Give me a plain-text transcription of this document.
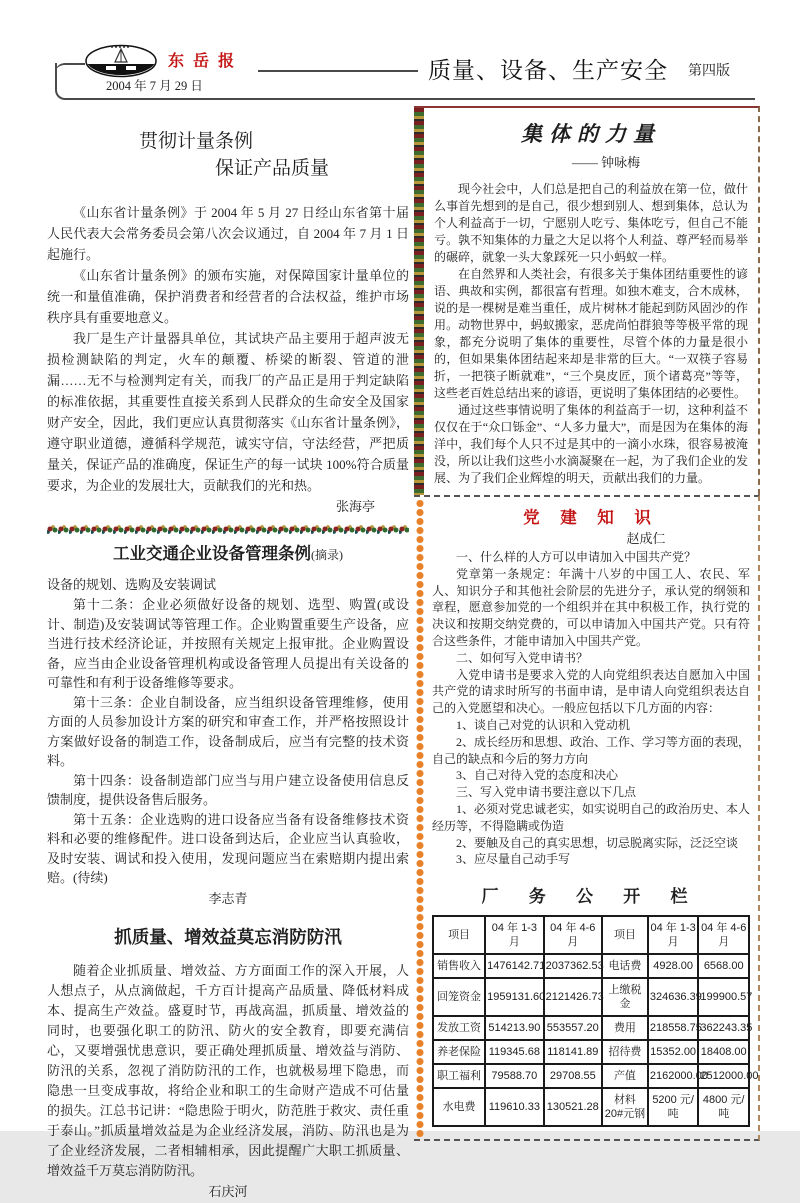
东岳报
2004 年 7 月 29 日
质量、设备、生产安全 第四版
贯彻计量条例
保证产品质量

《山东省计量条例》于 2004 年 5 月 27 日经山东省第十届人民代表大会常务委员会第八次会议通过，自 2004 年 7 月 1 日起施行。

《山东省计量条例》的颁布实施，对保障国家计量单位的统一和量值准确，保护消费者和经营者的合法权益，维护市场秩序具有重要地意义。

我厂是生产计量器具单位，其试块产品主要用于超声波无损检测缺陷的判定，火车的颠覆、桥梁的断裂、管道的泄漏……无不与检测判定有关，而我厂的产品正是用于判定缺陷的标准依据，其重要性直接关系到人民群众的生命安全及国家财产安全，因此，我们更应认真贯彻落实《山东省计量条例》，遵守职业道德，遵循科学规范，诚实守信，守法经营，严把质量关，保证产品的准确度，保证生产的每一试块 100%符合质量要求，为企业的发展壮大，贡献我们的光和热。

张海亭
工业交通企业设备管理条例(摘录)
设备的规划、选购及安装调试

第十二条：企业必须做好设备的规划、选型、购置(或设计、制造)及安装调试等管理工作。企业购置重要生产设备，应当进行技术经济论证，并按照有关规定上报审批。企业购置设备，应当由企业设备管理机构或设备管理人员提出有关设备的可靠性和有利于设备维修等要求。

第十三条：企业自制设备，应当组织设备管理维修，使用方面的人员参加设计方案的研究和审查工作，并严格按照设计方案做好设备的制造工作，设备制成后，应当有完整的技术资料。

第十四条：设备制造部门应当与用户建立设备使用信息反馈制度，提供设备售后服务。

第十五条：企业选购的进口设备应当备有设备维修技术资料和必要的维修配件。进口设备到达后，企业应当认真验收，及时安装、调试和投入使用，发现问题应当在索赔期内提出索赔。(待续)

李志青
抓质量、增效益莫忘消防防汛

随着企业抓质量、增效益、方方面面工作的深入开展，人人想点子，从点滴做起，千方百计提高产品质量、降低材料成本、提高生产效益。盛夏时节，再战高温，抓质量、增效益的同时，也要强化职工的防汛、防火的安全教育，即要充满信心，又要增强忧患意识，要正确处理抓质量、增效益与消防、防汛的关系，忽视了消防防汛的工作，也就极易埋下隐患，而隐患一旦变成事故，将给企业和职工的生命财产造成不可估量的损失。江总书记讲：“隐患险于明火，防范胜于救灾、责任重于泰山。”抓质量增效益是为企业经济发展，消防、防汛也是为了企业经济发展，二者相辅相承，因此提醒广大职工抓质量、增效益千万莫忘消防防汛。

石庆河
集体的力量
—— 钟咏梅

现今社会中，人们总是把自己的利益放在第一位，做什么事首先想到的是自己，很少想到别人、想到集体，总认为个人利益高于一切，宁愿别人吃亏、集体吃亏，但自己不能亏。孰不知集体的力量之大足以将个人利益、尊严轻而易举的碾碎，就象一头大象踩死一只小蚂蚁一样。

在自然界和人类社会，有很多关于集体团结重要性的谚语、典故和实例，都很富有哲理。如独木难支，合木成林，说的是一棵树是难当重任，成片树林才能起到防风固沙的作用。动物世界中，蚂蚁搬家，恶虎尚怕群狼等等极平常的现象，都充分说明了集体的重要性，尽管个体的力量是很小的，但如果集体团结起来却是非常的巨大。“一双筷子容易折，一把筷子断就难”，“三个臭皮匠，顶个诸葛亮”等等，这些老百姓总结出来的谚语，更说明了集体团结的必要性。

通过这些事情说明了集体的利益高于一切，这种利益不仅仅在于“众口铄金”、“人多力量大”，而是因为在集体的海洋中，我们每个人只不过是其中的一滴小水珠，很容易被淹没，所以让我们这些小水滴凝聚在一起，为了我们企业的发展、为了我们企业辉煌的明天，贡献出我们的力量。

党 建 知 识
赵成仁

一、什么样的人方可以申请加入中国共产党？

党章第一条规定：年满十八岁的中国工人、农民、军人、知识分子和其他社会阶层的先进分子，承认党的纲领和章程，愿意参加党的一个组织并在其中积极工作，执行党的决议和按期交纳党费的，可以申请加入中国共产党。只有符合这些条件，才能申请加入中国共产党。

二、如何写入党申请书？

入党申请书是要求入党的人向党组织表达自愿加入中国共产党的请求时所写的书面申请，是申请人向党组织表达自己的入党愿望和决心。一般应包括以下几方面的内容：

1、谈自己对党的认识和入党动机

2、成长经历和思想、政治、工作、学习等方面的表现，自己的缺点和今后的努力方向

3、自己对待入党的态度和决心

三、写入党申请书要注意以下几点

1、必须对党忠诚老实，如实说明自己的政治历史、本人经历等，不得隐瞒或伪造

2、要触及自己的真实思想，切忌脱离实际，泛泛空谈

3、应尽量自己动手写

厂 务 公 开 栏
项目	04 年 1-3 月	04 年 4-6 月	项目	04 年 1-3 月	04 年 4-6 月
销售收入	1476142.71	2037362.53	电话费	4928.00	6568.00
回笼资金	1959131.60	2121426.73	上缴税金	324636.39	199900.57
发放工资	514213.90	553557.20	费用	218558.75	362243.35
养老保险	119345.68	118141.89	招待费	15352.00	18408.00
职工福利	79588.70	29708.55	产值	2162000.00	2512000.00
水电费	119610.33	130521.28	材料 20#元钢	5200 元/吨	4800 元/吨
